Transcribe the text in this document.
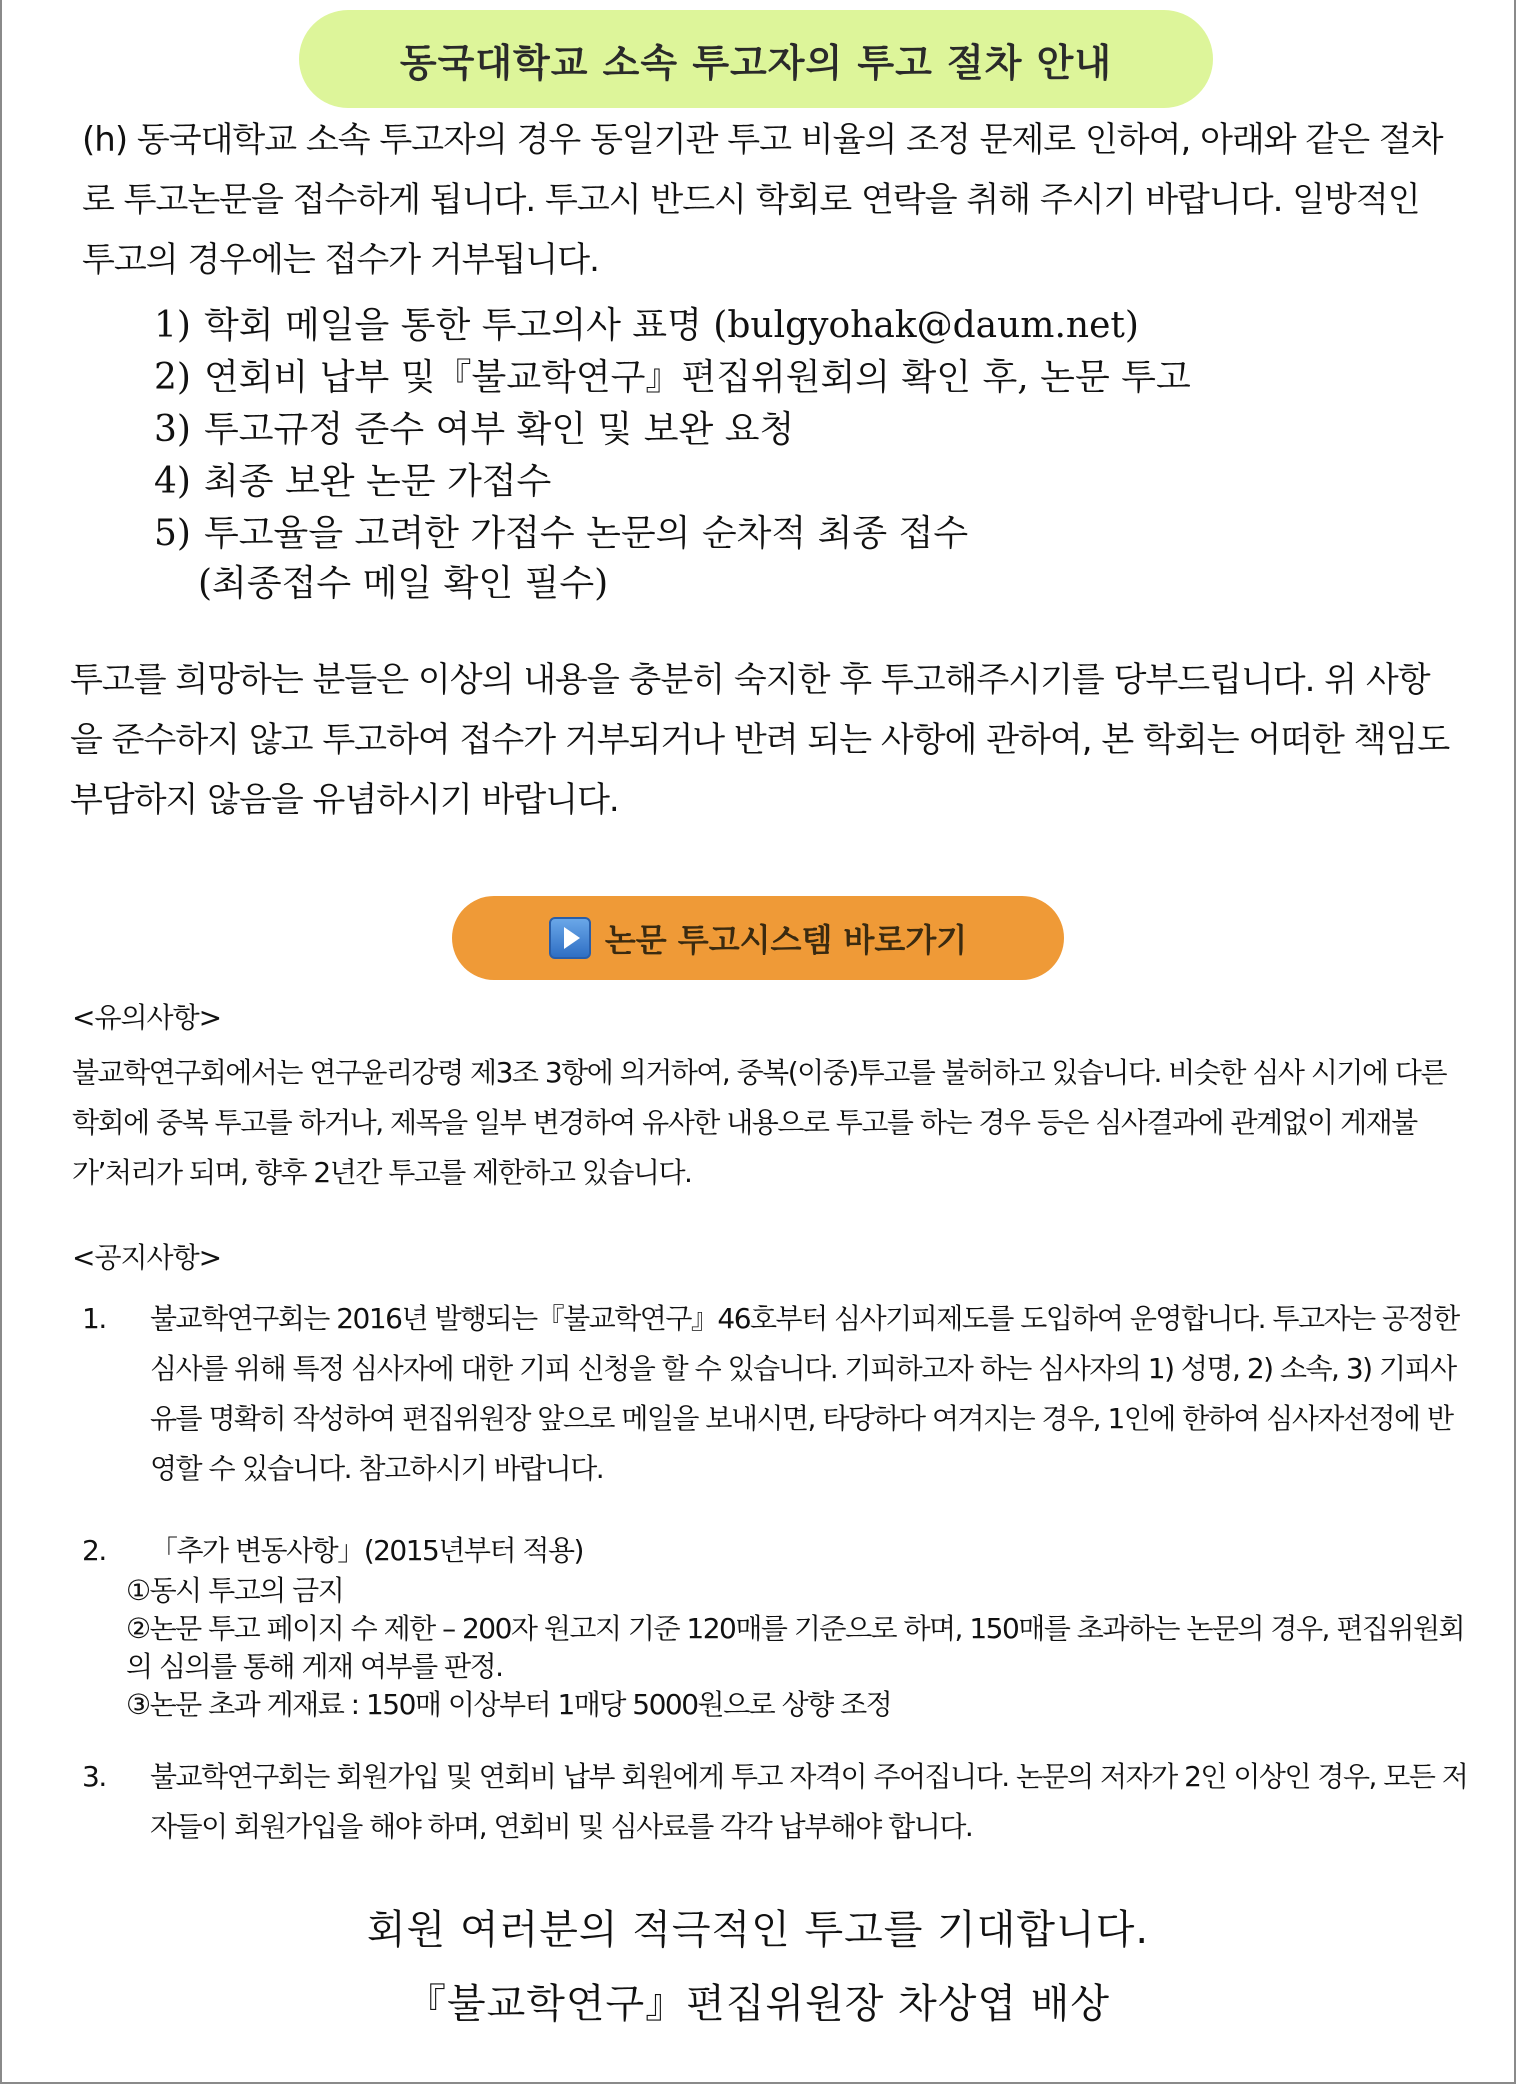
동국대학교 소속 투고자의 투고 절차 안내
(h) 동국대학교 소속 투고자의 경우 동일기관 투고 비율의 조정 문제로 인하여, 아래와 같은 절차로 투고논문을 접수하게 됩니다. 투고시 반드시 학회로 연락을 취해 주시기 바랍니다. 일방적인 투고의 경우에는 접수가 거부됩니다.
1) 학회 메일을 통한 투고의사 표명 (bulgyohak@daum.net)
2) 연회비 납부 및『불교학연구』편집위원회의 확인 후, 논문 투고
3) 투고규정 준수 여부 확인 및 보완 요청
4) 최종 보완 논문 가접수
5) 투고율을 고려한 가접수 논문의 순차적 최종 접수
(최종접수 메일 확인 필수)
투고를 희망하는 분들은 이상의 내용을 충분히 숙지한 후 투고해주시기를 당부드립니다. 위 사항을 준수하지 않고 투고하여 접수가 거부되거나 반려 되는 사항에 관하여, 본 학회는 어떠한 책임도 부담하지 않음을 유념하시기 바랍니다.
논문 투고시스템 바로가기
<유의사항>
불교학연구회에서는 연구윤리강령 제3조 3항에 의거하여, 중복(이중)투고를 불허하고 있습니다. 비슷한 심사 시기에 다른 학회에 중복 투고를 하거나, 제목을 일부 변경하여 유사한 내용으로 투고를 하는 경우 등은 심사결과에 관계없이 게재불가’처리가 되며, 향후 2년간 투고를 제한하고 있습니다.
<공지사항>
1. 불교학연구회는 2016년 발행되는『불교학연구』46호부터 심사기피제도를 도입하여 운영합니다. 투고자는 공정한 심사를 위해 특정 심사자에 대한 기피 신청을 할 수 있습니다. 기피하고자 하는 심사자의 1) 성명, 2) 소속, 3) 기피사유를 명확히 작성하여 편집위원장 앞으로 메일을 보내시면, 타당하다 여겨지는 경우, 1인에 한하여 심사자선정에 반영할 수 있습니다. 참고하시기 바랍니다.
2. 「추가 변동사항」(2015년부터 적용)
①동시 투고의 금지
②논문 투고 페이지 수 제한 – 200자 원고지 기준 120매를 기준으로 하며, 150매를 초과하는 논문의 경우, 편집위원회의 심의를 통해 게재 여부를 판정.
③논문 초과 게재료 : 150매 이상부터 1매당 5000원으로 상향 조정
3. 불교학연구회는 회원가입 및 연회비 납부 회원에게 투고 자격이 주어집니다. 논문의 저자가 2인 이상인 경우, 모든 저자들이 회원가입을 해야 하며, 연회비 및 심사료를 각각 납부해야 합니다.
회원 여러분의 적극적인 투고를 기대합니다.
『불교학연구』편집위원장 차상엽 배상
